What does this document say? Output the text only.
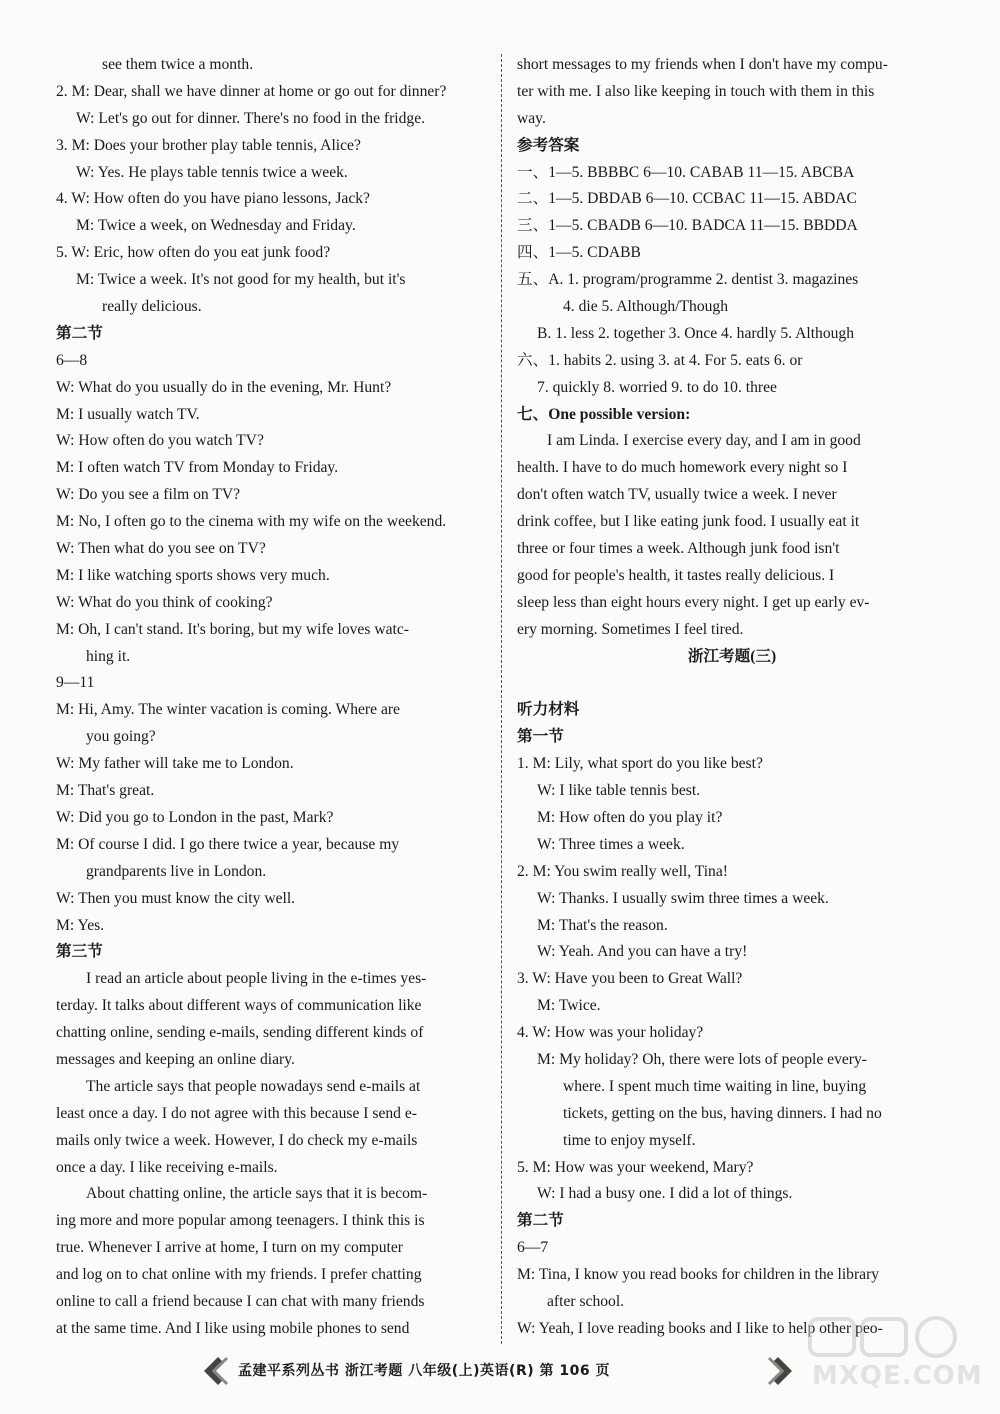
see them twice a month.
2. M: Dear, shall we have dinner at home or go out for dinner?
W: Let's go out for dinner. There's no food in the fridge.
3. M: Does your brother play table tennis, Alice?
W: Yes. He plays table tennis twice a week.
4. W: How often do you have piano lessons, Jack?
M: Twice a week, on Wednesday and Friday.
5. W: Eric, how often do you eat junk food?
M: Twice a week. It's not good for my health, but it's
really delicious.
第二节
6—8
W: What do you usually do in the evening, Mr. Hunt?
M: I usually watch TV.
W: How often do you watch TV?
M: I often watch TV from Monday to Friday.
W: Do you see a film on TV?
M: No, I often go to the cinema with my wife on the weekend.
W: Then what do you see on TV?
M: I like watching sports shows very much.
W: What do you think of cooking?
M: Oh, I can't stand. It's boring, but my wife loves watc-
hing it.
9—11
M: Hi, Amy. The winter vacation is coming. Where are
you going?
W: My father will take me to London.
M: That's great.
W: Did you go to London in the past, Mark?
M: Of course I did. I go there twice a year, because my
grandparents live in London.
W: Then you must know the city well.
M: Yes.
第三节
I read an article about people living in the e-times yes-
terday. It talks about different ways of communication like
chatting online, sending e-mails, sending different kinds of
messages and keeping an online diary.
The article says that people nowadays send e-mails at
least once a day. I do not agree with this because I send e-
mails only twice a week. However, I do check my e-mails
once a day. I like receiving e-mails.
About chatting online, the article says that it is becom-
ing more and more popular among teenagers. I think this is
true. Whenever I arrive at home, I turn on my computer
and log on to chat online with my friends. I prefer chatting
online to call a friend because I can chat with many friends
at the same time. And I like using mobile phones to send
short messages to my friends when I don't have my compu-
ter with me. I also like keeping in touch with them in this
way.
参考答案
一、1—5. BBBBC 6—10. CABAB 11—15. ABCBA
二、1—5. DBDAB 6—10. CCBAC 11—15. ABDAC
三、1—5. CBADB 6—10. BADCA 11—15. BBDDA
四、1—5. CDABB
五、A. 1. program/programme 2. dentist 3. magazines
4. die 5. Although/Though
B. 1. less 2. together 3. Once 4. hardly 5. Although
六、1. habits 2. using 3. at 4. For 5. eats 6. or
7. quickly 8. worried 9. to do 10. three
七、One possible version:
I am Linda. I exercise every day, and I am in good
health. I have to do much homework every night so I
don't often watch TV, usually twice a week. I never
drink coffee, but I like eating junk food. I usually eat it
three or four times a week. Although junk food isn't
good for people's health, it tastes really delicious. I
sleep less than eight hours every night. I get up early ev-
ery morning. Sometimes I feel tired.
浙江考题(三)
听力材料
第一节
1. M: Lily, what sport do you like best?
W: I like table tennis best.
M: How often do you play it?
W: Three times a week.
2. M: You swim really well, Tina!
W: Thanks. I usually swim three times a week.
M: That's the reason.
W: Yeah. And you can have a try!
3. W: Have you been to Great Wall?
M: Twice.
4. W: How was your holiday?
M: My holiday? Oh, there were lots of people every-
where. I spent much time waiting in line, buying
tickets, getting on the bus, having dinners. I had no
time to enjoy myself.
5. M: How was your weekend, Mary?
W: I had a busy one. I did a lot of things.
第二节
6—7
M: Tina, I know you read books for children in the library
after school.
W: Yeah, I love reading books and I like to help other peo-
孟建平系列丛书 浙江考题 八年级(上)英语(R) 第 106 页	MXQE.COM
